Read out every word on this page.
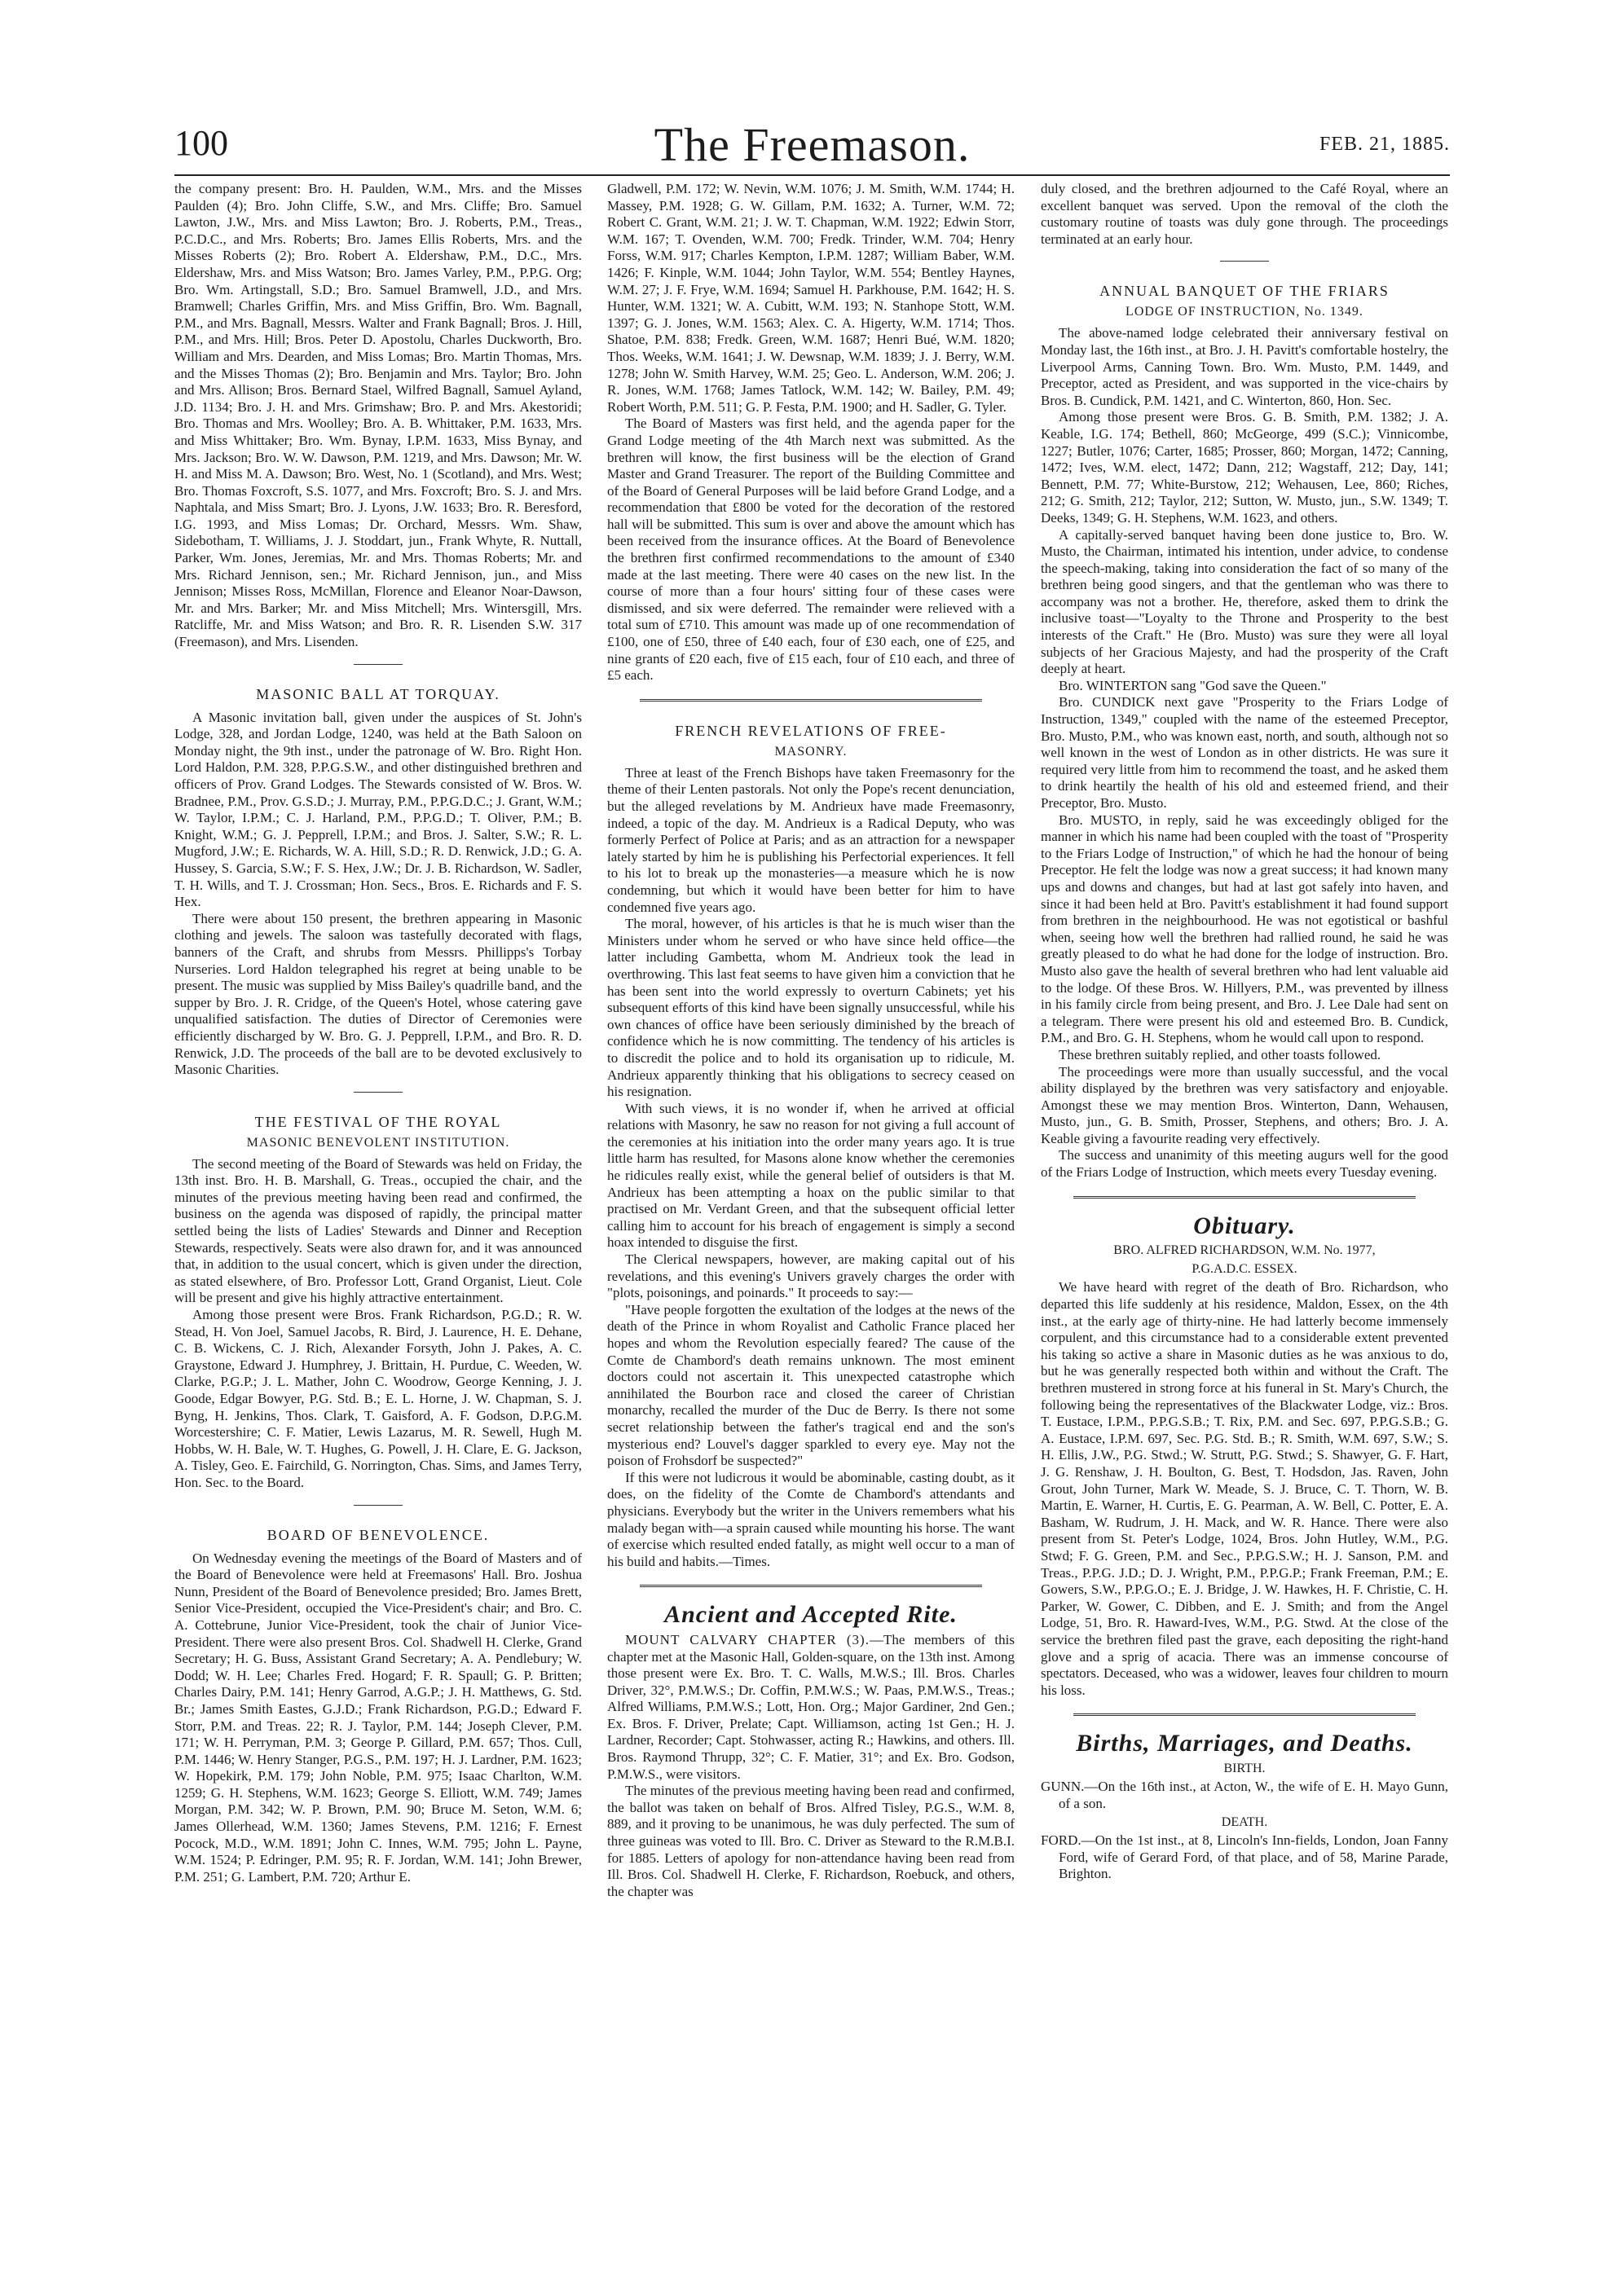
100	The Freemason.	FEB. 21, 1885.

the company present: Bro. H. Paulden, W.M., Mrs. and the Misses Paulden (4); Bro. John Cliffe, S.W., and Mrs. Cliffe; Bro. Samuel Lawton, J.W., Mrs. and Miss Lawton; Bro. J. Roberts, P.M., Treas., P.C.D.C., and Mrs. Roberts; Bro. James Ellis Roberts, Mrs. and the Misses Roberts (2); Bro. Robert A. Eldershaw, P.M., D.C., Mrs. Eldershaw, Mrs. and Miss Watson; Bro. James Varley, P.M., P.P.G. Org; Bro. Wm. Artingstall, S.D.; Bro. Samuel Bramwell, J.D., and Mrs. Bramwell; Charles Griffin, Mrs. and Miss Griffin, Bro. Wm. Bagnall, P.M., and Mrs. Bagnall, Messrs. Walter and Frank Bagnall; Bros. J. Hill, P.M., and Mrs. Hill; Bros. Peter D. Apostolu, Charles Duckworth, Bro. William and Mrs. Dearden, and Miss Lomas; Bro. Martin Thomas, Mrs. and the Misses Thomas (2); Bro. Benjamin and Mrs. Taylor; Bro. John and Mrs. Allison; Bros. Bernard Stael, Wilfred Bagnall, Samuel Ayland, J.D. 1134; Bro. J. H. and Mrs. Grimshaw; Bro. P. and Mrs. Akestoridi; Bro. Thomas and Mrs. Woolley; Bro. A. B. Whittaker, P.M. 1633, Mrs. and Miss Whittaker; Bro. Wm. Bynay, I.P.M. 1633, Miss Bynay, and Mrs. Jackson; Bro. W. W. Dawson, P.M. 1219, and Mrs. Dawson; Mr. W. H. and Miss M. A. Dawson; Bro. West, No. 1 (Scotland), and Mrs. West; Bro. Thomas Foxcroft, S.S. 1077, and Mrs. Foxcroft; Bro. S. J. and Mrs. Naphtala, and Miss Smart; Bro. J. Lyons, J.W. 1633; Bro. R. Beresford, I.G. 1993, and Miss Lomas; Dr. Orchard, Messrs. Wm. Shaw, Sidebotham, T. Williams, J. J. Stoddart, jun., Frank Whyte, R. Nuttall, Parker, Wm. Jones, Jeremias, Mr. and Mrs. Thomas Roberts; Mr. and Mrs. Richard Jennison, sen.; Mr. Richard Jennison, jun., and Miss Jennison; Misses Ross, McMillan, Florence and Eleanor Noar-Dawson, Mr. and Mrs. Barker; Mr. and Miss Mitchell; Mrs. Wintersgill, Mrs. Ratcliffe, Mr. and Miss Watson; and Bro. R. R. Lisenden S.W. 317 (Freemason), and Mrs. Lisenden.

MASONIC BALL AT TORQUAY.

A Masonic invitation ball, given under the auspices of St. John's Lodge, 328, and Jordan Lodge, 1240, was held at the Bath Saloon on Monday night, the 9th inst., under the patronage of W. Bro. Right Hon. Lord Haldon, P.M. 328, P.P.G.S.W., and other distinguished brethren and officers of Prov. Grand Lodges. The Stewards consisted of W. Bros. W. Bradnee, P.M., Prov. G.S.D.; J. Murray, P.M., P.P.G.D.C.; J. Grant, W.M.; W. Taylor, I.P.M.; C. J. Harland, P.M., P.P.G.D.; T. Oliver, P.M.; B. Knight, W.M.; G. J. Pepprell, I.P.M.; and Bros. J. Salter, S.W.; R. L. Mugford, J.W.; E. Richards, W. A. Hill, S.D.; R. D. Renwick, J.D.; G. A. Hussey, S. Garcia, S.W.; F. S. Hex, J.W.; Dr. J. B. Richardson, W. Sadler, T. H. Wills, and T. J. Crossman; Hon. Secs., Bros. E. Richards and F. S. Hex.

There were about 150 present, the brethren appearing in Masonic clothing and jewels. The saloon was tastefully decorated with flags, banners of the Craft, and shrubs from Messrs. Phillipps's Torbay Nurseries. Lord Haldon telegraphed his regret at being unable to be present. The music was supplied by Miss Bailey's quadrille band, and the supper by Bro. J. R. Cridge, of the Queen's Hotel, whose catering gave unqualified satisfaction. The duties of Director of Ceremonies were efficiently discharged by W. Bro. G. J. Pepprell, I.P.M., and Bro. R. D. Renwick, J.D. The proceeds of the ball are to be devoted exclusively to Masonic Charities.

THE FESTIVAL OF THE ROYAL
MASONIC BENEVOLENT INSTITUTION.

The second meeting of the Board of Stewards was held on Friday, the 13th inst. Bro. H. B. Marshall, G. Treas., occupied the chair, and the minutes of the previous meeting having been read and confirmed, the business on the agenda was disposed of rapidly, the principal matter settled being the lists of Ladies' Stewards and Dinner and Reception Stewards, respectively. Seats were also drawn for, and it was announced that, in addition to the usual concert, which is given under the direction, as stated elsewhere, of Bro. Professor Lott, Grand Organist, Lieut. Cole will be present and give his highly attractive entertainment.

Among those present were Bros. Frank Richardson, P.G.D.; R. W. Stead, H. Von Joel, Samuel Jacobs, R. Bird, J. Laurence, H. E. Dehane, C. B. Wickens, C. J. Rich, Alexander Forsyth, John J. Pakes, A. C. Graystone, Edward J. Humphrey, J. Brittain, H. Purdue, C. Weeden, W. Clarke, P.G.P.; J. L. Mather, John C. Woodrow, George Kenning, J. J. Goode, Edgar Bowyer, P.G. Std. B.; E. L. Horne, J. W. Chapman, S. J. Byng, H. Jenkins, Thos. Clark, T. Gaisford, A. F. Godson, D.P.G.M. Worcestershire; C. F. Matier, Lewis Lazarus, M. R. Sewell, Hugh M. Hobbs, W. H. Bale, W. T. Hughes, G. Powell, J. H. Clare, E. G. Jackson, A. Tisley, Geo. E. Fairchild, G. Norrington, Chas. Sims, and James Terry, Hon. Sec. to the Board.

BOARD OF BENEVOLENCE.

On Wednesday evening the meetings of the Board of Masters and of the Board of Benevolence were held at Freemasons' Hall. Bro. Joshua Nunn, President of the Board of Benevolence presided; Bro. James Brett, Senior Vice-President, occupied the Vice-President's chair; and Bro. C. A. Cottebrune, Junior Vice-President, took the chair of Junior Vice-President. There were also present Bros. Col. Shadwell H. Clerke, Grand Secretary; H. G. Buss, Assistant Grand Secretary; A. A. Pendlebury; W. Dodd; W. H. Lee; Charles Fred. Hogard; F. R. Spaull; G. P. Britten; Charles Dairy, P.M. 141; Henry Garrod, A.G.P.; J. H. Matthews, G. Std. Br.; James Smith Eastes, G.J.D.; Frank Richardson, P.G.D.; Edward F. Storr, P.M. and Treas. 22; R. J. Taylor, P.M. 144; Joseph Clever, P.M. 171; W. H. Perryman, P.M. 3; George P. Gillard, P.M. 657; Thos. Cull, P.M. 1446; W. Henry Stanger, P.G.S., P.M. 197; H. J. Lardner, P.M. 1623; W. Hopekirk, P.M. 179; John Noble, P.M. 975; Isaac Charlton, W.M. 1259; G. H. Stephens, W.M. 1623; George S. Elliott, W.M. 749; James Morgan, P.M. 342; W. P. Brown, P.M. 90; Bruce M. Seton, W.M. 6; James Ollerhead, W.M. 1360; James Stevens, P.M. 1216; F. Ernest Pocock, M.D., W.M. 1891; John C. Innes, W.M. 795; John L. Payne, W.M. 1524; P. Edringer, P.M. 95; R. F. Jordan, W.M. 141; John Brewer, P.M. 251; G. Lambert, P.M. 720; Arthur E.

Gladwell, P.M. 172; W. Nevin, W.M. 1076; J. M. Smith, W.M. 1744; H. Massey, P.M. 1928; G. W. Gillam, P.M. 1632; A. Turner, W.M. 72; Robert C. Grant, W.M. 21; J. W. T. Chapman, W.M. 1922; Edwin Storr, W.M. 167; T. Ovenden, W.M. 700; Fredk. Trinder, W.M. 704; Henry Forss, W.M. 917; Charles Kempton, I.P.M. 1287; William Baber, W.M. 1426; F. Kinple, W.M. 1044; John Taylor, W.M. 554; Bentley Haynes, W.M. 27; J. F. Frye, W.M. 1694; Samuel H. Parkhouse, P.M. 1642; H. S. Hunter, W.M. 1321; W. A. Cubitt, W.M. 193; N. Stanhope Stott, W.M. 1397; G. J. Jones, W.M. 1563; Alex. C. A. Higerty, W.M. 1714; Thos. Shatoe, P.M. 838; Fredk. Green, W.M. 1687; Henri Bué, W.M. 1820; Thos. Weeks, W.M. 1641; J. W. Dewsnap, W.M. 1839; J. J. Berry, W.M. 1278; John W. Smith Harvey, W.M. 25; Geo. L. Anderson, W.M. 206; J. R. Jones, W.M. 1768; James Tatlock, W.M. 142; W. Bailey, P.M. 49; Robert Worth, P.M. 511; G. P. Festa, P.M. 1900; and H. Sadler, G. Tyler.

The Board of Masters was first held, and the agenda paper for the Grand Lodge meeting of the 4th March next was submitted. As the brethren will know, the first business will be the election of Grand Master and Grand Treasurer. The report of the Building Committee and of the Board of General Purposes will be laid before Grand Lodge, and a recommendation that £800 be voted for the decoration of the restored hall will be submitted. This sum is over and above the amount which has been received from the insurance offices. At the Board of Benevolence the brethren first confirmed recommendations to the amount of £340 made at the last meeting. There were 40 cases on the new list. In the course of more than a four hours' sitting four of these cases were dismissed, and six were deferred. The remainder were relieved with a total sum of £710. This amount was made up of one recommendation of £100, one of £50, three of £40 each, four of £30 each, one of £25, and nine grants of £20 each, five of £15 each, four of £10 each, and three of £5 each.

FRENCH REVELATIONS OF FREE-
MASONRY.

Three at least of the French Bishops have taken Freemasonry for the theme of their Lenten pastorals. Not only the Pope's recent denunciation, but the alleged revelations by M. Andrieux have made Freemasonry, indeed, a topic of the day. M. Andrieux is a Radical Deputy, who was formerly Perfect of Police at Paris; and as an attraction for a newspaper lately started by him he is publishing his Perfectorial experiences. It fell to his lot to break up the monasteries—a measure which he is now condemning, but which it would have been better for him to have condemned five years ago.

The moral, however, of his articles is that he is much wiser than the Ministers under whom he served or who have since held office—the latter including Gambetta, whom M. Andrieux took the lead in overthrowing. This last feat seems to have given him a conviction that he has been sent into the world expressly to overturn Cabinets; yet his subsequent efforts of this kind have been signally unsuccessful, while his own chances of office have been seriously diminished by the breach of confidence which he is now committing. The tendency of his articles is to discredit the police and to hold its organisation up to ridicule, M. Andrieux apparently thinking that his obligations to secrecy ceased on his resignation.

With such views, it is no wonder if, when he arrived at official relations with Masonry, he saw no reason for not giving a full account of the ceremonies at his initiation into the order many years ago. It is true little harm has resulted, for Masons alone know whether the ceremonies he ridicules really exist, while the general belief of outsiders is that M. Andrieux has been attempting a hoax on the public similar to that practised on Mr. Verdant Green, and that the subsequent official letter calling him to account for his breach of engagement is simply a second hoax intended to disguise the first.

The Clerical newspapers, however, are making capital out of his revelations, and this evening's Univers gravely charges the order with "plots, poisonings, and poinards." It proceeds to say:—

"Have people forgotten the exultation of the lodges at the news of the death of the Prince in whom Royalist and Catholic France placed her hopes and whom the Revolution especially feared? The cause of the Comte de Chambord's death remains unknown. The most eminent doctors could not ascertain it. This unexpected catastrophe which annihilated the Bourbon race and closed the career of Christian monarchy, recalled the murder of the Duc de Berry. Is there not some secret relationship between the father's tragical end and the son's mysterious end? Louvel's dagger sparkled to every eye. May not the poison of Frohsdorf be suspected?"

If this were not ludicrous it would be abominable, casting doubt, as it does, on the fidelity of the Comte de Chambord's attendants and physicians. Everybody but the writer in the Univers remembers what his malady began with—a sprain caused while mounting his horse. The want of exercise which resulted ended fatally, as might well occur to a man of his build and habits.—Times.

Ancient and Accepted Rite.

MOUNT CALVARY CHAPTER (3).—The members of this chapter met at the Masonic Hall, Golden-square, on the 13th inst. Among those present were Ex. Bro. T. C. Walls, M.W.S.; Ill. Bros. Charles Driver, 32°, P.M.W.S.; Dr. Coffin, P.M.W.S.; W. Paas, P.M.W.S., Treas.; Alfred Williams, P.M.W.S.; Lott, Hon. Org.; Major Gardiner, 2nd Gen.; Ex. Bros. F. Driver, Prelate; Capt. Williamson, acting 1st Gen.; H. J. Lardner, Recorder; Capt. Stohwasser, acting R.; Hawkins, and others. Ill. Bros. Raymond Thrupp, 32°; C. F. Matier, 31°; and Ex. Bro. Godson, P.M.W.S., were visitors.

The minutes of the previous meeting having been read and confirmed, the ballot was taken on behalf of Bros. Alfred Tisley, P.G.S., W.M. 8, 889, and it proving to be unanimous, he was duly perfected. The sum of three guineas was voted to Ill. Bro. C. Driver as Steward to the R.M.B.I. for 1885. Letters of apology for non-attendance having been read from Ill. Bros. Col. Shadwell H. Clerke, F. Richardson, Roebuck, and others, the chapter was

duly closed, and the brethren adjourned to the Café Royal, where an excellent banquet was served. Upon the removal of the cloth the customary routine of toasts was duly gone through. The proceedings terminated at an early hour.

ANNUAL BANQUET OF THE FRIARS
LODGE OF INSTRUCTION, No. 1349.

The above-named lodge celebrated their anniversary festival on Monday last, the 16th inst., at Bro. J. H. Pavitt's comfortable hostelry, the Liverpool Arms, Canning Town. Bro. Wm. Musto, P.M. 1449, and Preceptor, acted as President, and was supported in the vice-chairs by Bros. B. Cundick, P.M. 1421, and C. Winterton, 860, Hon. Sec.

Among those present were Bros. G. B. Smith, P.M. 1382; J. A. Keable, I.G. 174; Bethell, 860; McGeorge, 499 (S.C.); Vinnicombe, 1227; Butler, 1076; Carter, 1685; Prosser, 860; Morgan, 1472; Canning, 1472; Ives, W.M. elect, 1472; Dann, 212; Wagstaff, 212; Day, 141; Bennett, P.M. 77; White-Burstow, 212; Wehausen, Lee, 860; Riches, 212; G. Smith, 212; Taylor, 212; Sutton, W. Musto, jun., S.W. 1349; T. Deeks, 1349; G. H. Stephens, W.M. 1623, and others.

A capitally-served banquet having been done justice to, Bro. W. Musto, the Chairman, intimated his intention, under advice, to condense the speech-making, taking into consideration the fact of so many of the brethren being good singers, and that the gentleman who was there to accompany was not a brother. He, therefore, asked them to drink the inclusive toast—"Loyalty to the Throne and Prosperity to the best interests of the Craft." He (Bro. Musto) was sure they were all loyal subjects of her Gracious Majesty, and had the prosperity of the Craft deeply at heart.

Bro. WINTERTON sang "God save the Queen."

Bro. CUNDICK next gave "Prosperity to the Friars Lodge of Instruction, 1349," coupled with the name of the esteemed Preceptor, Bro. Musto, P.M., who was known east, north, and south, although not so well known in the west of London as in other districts. He was sure it required very little from him to recommend the toast, and he asked them to drink heartily the health of his old and esteemed friend, and their Preceptor, Bro. Musto.

Bro. MUSTO, in reply, said he was exceedingly obliged for the manner in which his name had been coupled with the toast of "Prosperity to the Friars Lodge of Instruction," of which he had the honour of being Preceptor. He felt the lodge was now a great success; it had known many ups and downs and changes, but had at last got safely into haven, and since it had been held at Bro. Pavitt's establishment it had found support from brethren in the neighbourhood. He was not egotistical or bashful when, seeing how well the brethren had rallied round, he said he was greatly pleased to do what he had done for the lodge of instruction. Bro. Musto also gave the health of several brethren who had lent valuable aid to the lodge. Of these Bros. W. Hillyers, P.M., was prevented by illness in his family circle from being present, and Bro. J. Lee Dale had sent on a telegram. There were present his old and esteemed Bro. B. Cundick, P.M., and Bro. G. H. Stephens, whom he would call upon to respond.

These brethren suitably replied, and other toasts followed.

The proceedings were more than usually successful, and the vocal ability displayed by the brethren was very satisfactory and enjoyable. Amongst these we may mention Bros. Winterton, Dann, Wehausen, Musto, jun., G. B. Smith, Prosser, Stephens, and others; Bro. J. A. Keable giving a favourite reading very effectively.

The success and unanimity of this meeting augurs well for the good of the Friars Lodge of Instruction, which meets every Tuesday evening.

Obituary.
BRO. ALFRED RICHARDSON, W.M. No. 1977,
P.G.A.D.C. ESSEX.

We have heard with regret of the death of Bro. Richardson, who departed this life suddenly at his residence, Maldon, Essex, on the 4th inst., at the early age of thirty-nine. He had latterly become immensely corpulent, and this circumstance had to a considerable extent prevented his taking so active a share in Masonic duties as he was anxious to do, but he was generally respected both within and without the Craft. The brethren mustered in strong force at his funeral in St. Mary's Church, the following being the representatives of the Blackwater Lodge, viz.: Bros. T. Eustace, I.P.M., P.P.G.S.B.; T. Rix, P.M. and Sec. 697, P.P.G.S.B.; G. A. Eustace, I.P.M. 697, Sec. P.G. Std. B.; R. Smith, W.M. 697, S.W.; S. H. Ellis, J.W., P.G. Stwd.; W. Strutt, P.G. Stwd.; S. Shawyer, G. F. Hart, J. G. Renshaw, J. H. Boulton, G. Best, T. Hodsdon, Jas. Raven, John Grout, John Turner, Mark W. Meade, S. J. Bruce, C. T. Thorn, W. B. Martin, E. Warner, H. Curtis, E. G. Pearman, A. W. Bell, C. Potter, E. A. Basham, W. Rudrum, J. H. Mack, and W. R. Hance. There were also present from St. Peter's Lodge, 1024, Bros. John Hutley, W.M., P.G. Stwd; F. G. Green, P.M. and Sec., P.P.G.S.W.; H. J. Sanson, P.M. and Treas., P.P.G. J.D.; D. J. Wright, P.M., P.P.G.P.; Frank Freeman, P.M.; E. Gowers, S.W., P.P.G.O.; E. J. Bridge, J. W. Hawkes, H. F. Christie, C. H. Parker, W. Gower, C. Dibben, and E. J. Smith; and from the Angel Lodge, 51, Bro. R. Haward-Ives, W.M., P.G. Stwd. At the close of the service the brethren filed past the grave, each depositing the right-hand glove and a sprig of acacia. There was an immense concourse of spectators. Deceased, who was a widower, leaves four children to mourn his loss.

Births, Marriages, and Deaths.
BIRTH.

GUNN.—On the 16th inst., at Acton, W., the wife of E. H. Mayo Gunn, of a son.

DEATH.

FORD.—On the 1st inst., at 8, Lincoln's Inn-fields, London, Joan Fanny Ford, wife of Gerard Ford, of that place, and of 58, Marine Parade, Brighton.
